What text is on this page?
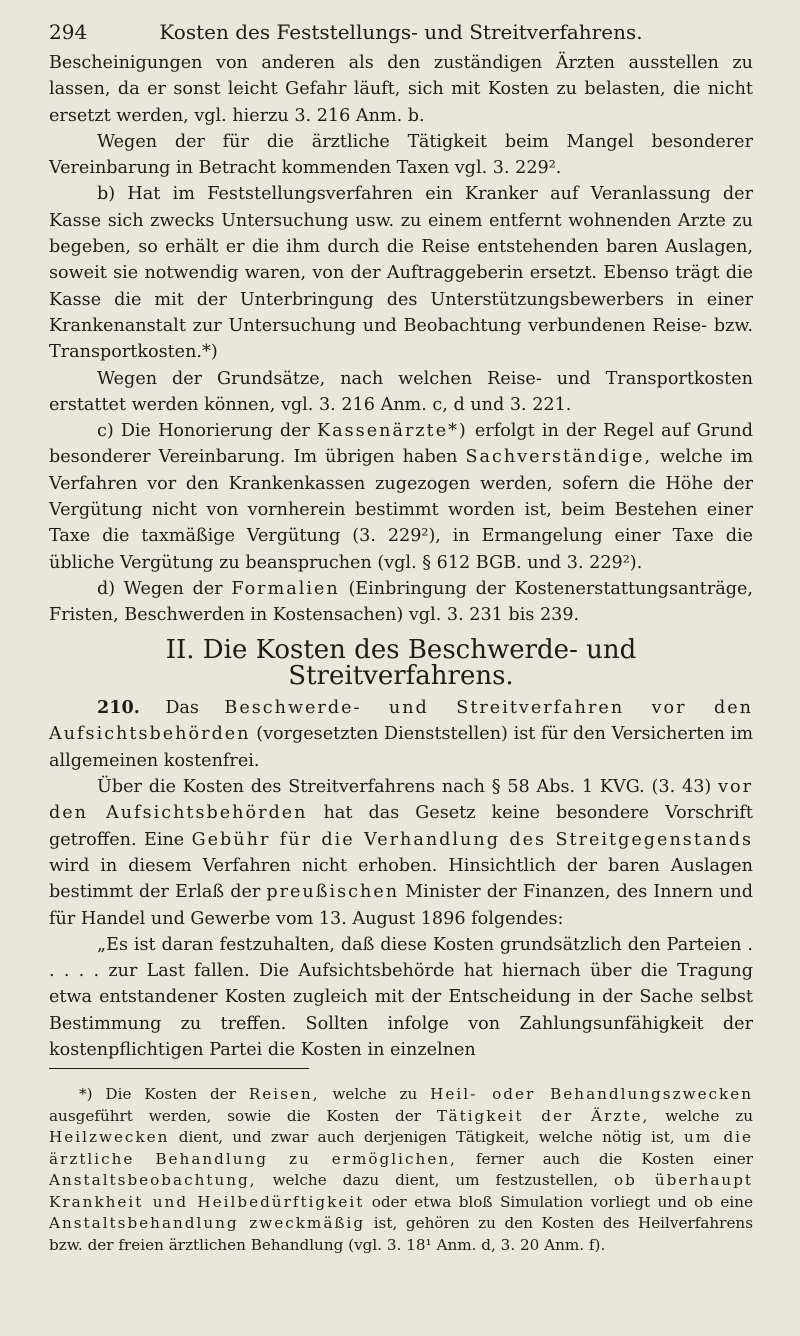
294	Kosten des Feststellungs- und Streitverfahrens.

Bescheinigungen von anderen als den zuständigen Ärzten ausstellen zu lassen, da er sonst leicht Gefahr läuft, sich mit Kosten zu belasten, die nicht ersetzt werden, vgl. hierzu 3. 216 Anm. b.

Wegen der für die ärztliche Tätigkeit beim Mangel besonderer Vereinbarung in Betracht kommenden Taxen vgl. 3. 229².

b) Hat im Feststellungsverfahren ein Kranker auf Veranlassung der Kasse sich zwecks Untersuchung usw. zu einem entfernt wohnenden Arzte zu begeben, so erhält er die ihm durch die Reise entstehenden baren Auslagen, soweit sie notwendig waren, von der Auftraggeberin ersetzt. Ebenso trägt die Kasse die mit der Unterbringung des Unterstützungsbewerbers in einer Krankenanstalt zur Untersuchung und Beobachtung verbundenen Reise- bzw. Transportkosten.*)

Wegen der Grundsätze, nach welchen Reise- und Transportkosten erstattet werden können, vgl. 3. 216 Anm. c, d und 3. 221.

c) Die Honorierung der Kassenärzte*) erfolgt in der Regel auf Grund besonderer Vereinbarung. Im übrigen haben Sachverständige, welche im Verfahren vor den Krankenkassen zugezogen werden, sofern die Höhe der Vergütung nicht von vornherein bestimmt worden ist, beim Bestehen einer Taxe die taxmäßige Vergütung (3. 229²), in Ermangelung einer Taxe die übliche Vergütung zu beanspruchen (vgl. § 612 BGB. und 3. 229²).

d) Wegen der Formalien (Einbringung der Kostenerstattungsanträge, Fristen, Beschwerden in Kostensachen) vgl. 3. 231 bis 239.

II. Die Kosten des Beschwerde- und Streitverfahrens.

210. Das Beschwerde- und Streitverfahren vor den Aufsichtsbehörden (vorgesetzten Dienststellen) ist für den Versicherten im allgemeinen kostenfrei.

Über die Kosten des Streitverfahrens nach § 58 Abs. 1 KVG. (3. 43) vor den Aufsichtsbehörden hat das Gesetz keine besondere Vorschrift getroffen. Eine Gebühr für die Verhandlung des Streitgegenstands wird in diesem Verfahren nicht erhoben. Hinsichtlich der baren Auslagen bestimmt der Erlaß der preußischen Minister der Finanzen, des Innern und für Handel und Gewerbe vom 13. August 1896 folgendes:

„Es ist daran festzuhalten, daß diese Kosten grundsätzlich den Parteien . . . . . zur Last fallen. Die Aufsichtsbehörde hat hiernach über die Tragung etwa entstandener Kosten zugleich mit der Entscheidung in der Sache selbst Bestimmung zu treffen. Sollten infolge von Zahlungsunfähigkeit der kostenpflichtigen Partei die Kosten in einzelnen

*) Die Kosten der Reisen, welche zu Heil- oder Behandlungszwecken ausgeführt werden, sowie die Kosten der Tätigkeit der Ärzte, welche zu Heilzwecken dient, und zwar auch derjenigen Tätigkeit, welche nötig ist, um die ärztliche Behandlung zu ermöglichen, ferner auch die Kosten einer Anstaltsbeobachtung, welche dazu dient, um festzustellen, ob überhaupt Krankheit und Heilbedürftigkeit oder etwa bloß Simulation vorliegt und ob eine Anstaltsbehandlung zweckmäßig ist, gehören zu den Kosten des Heilverfahrens bzw. der freien ärztlichen Behandlung (vgl. 3. 18¹ Anm. d, 3. 20 Anm. f).
